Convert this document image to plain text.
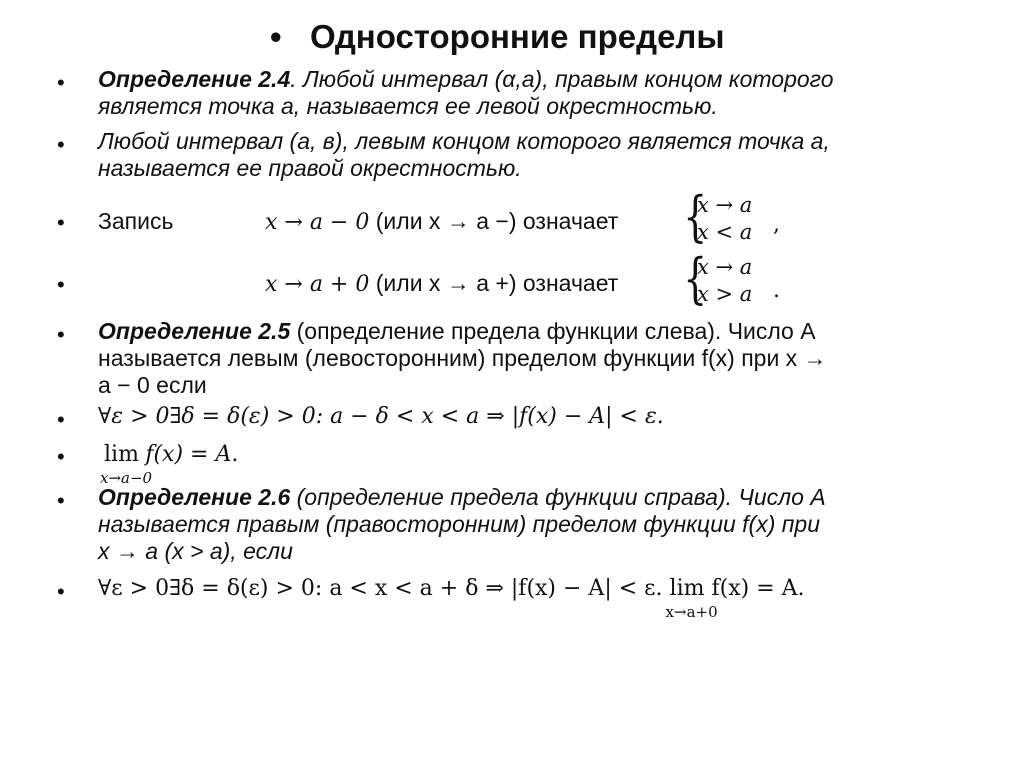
• Односторонние пределы
• Определение 2.4. Любой интервал (α,а), правым концом которого
является точка а, называется ее левой окрестностью.
• Любой интервал (а, в), левым концом которого является точка а,
называется ее правой окрестностью.
• Запись	x → a − 0 (или x → a −) означает {
x → a
x < a ,
•	x → a + 0 (или x → a +) означает {
x → a
x > a .
• Определение 2.5 (определение предела функции слева). Число А
называется левым (левосторонним) пределом функции f(x) при x →
a − 0 если
• ∀ε > 0∃δ = δ(ε) > 0: a − δ < x < a ⇒ |f(x) − A| < ε.
• lim
x→a−0
f(x) = A.
• Определение 2.6 (определение предела функции справа). Число А
называется правым (правосторонним) пределом функции f(x) при
x → a (x > a), если
• ∀ε > 0∃δ = δ(ε) > 0: a < x < a + δ ⇒ |f(x) − A| < ε. lim
x→a+0
f(x) = A.
